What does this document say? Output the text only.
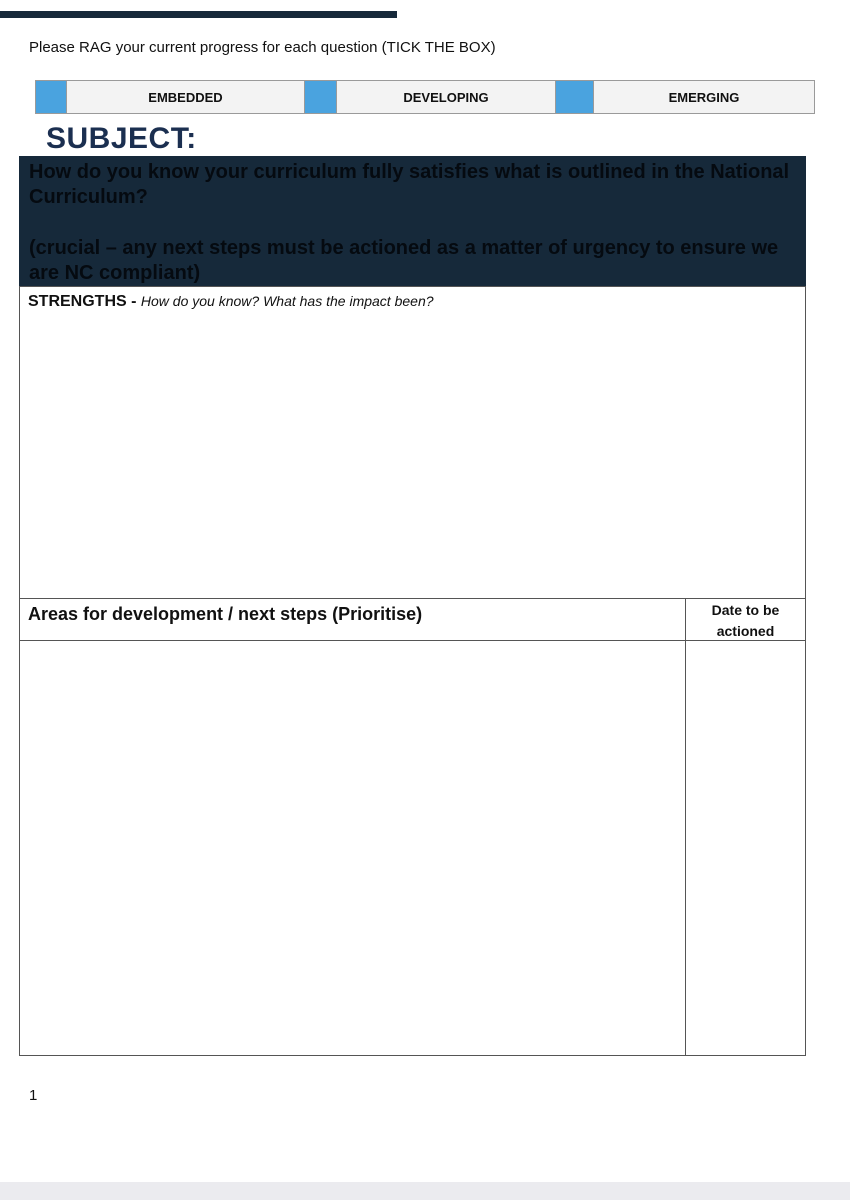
Please RAG your current progress for each question (TICK THE BOX)
EMBEDDED	DEVELOPING	EMERGING
SUBJECT:

How do you know your curriculum fully satisfies what is outlined in the National Curriculum?

(crucial – any next steps must be actioned as a matter of urgency to ensure we are NC compliant)

STRENGTHS - How do you know? What has the impact been?
Areas for development / next steps (Prioritise)	Date to be actioned
1
